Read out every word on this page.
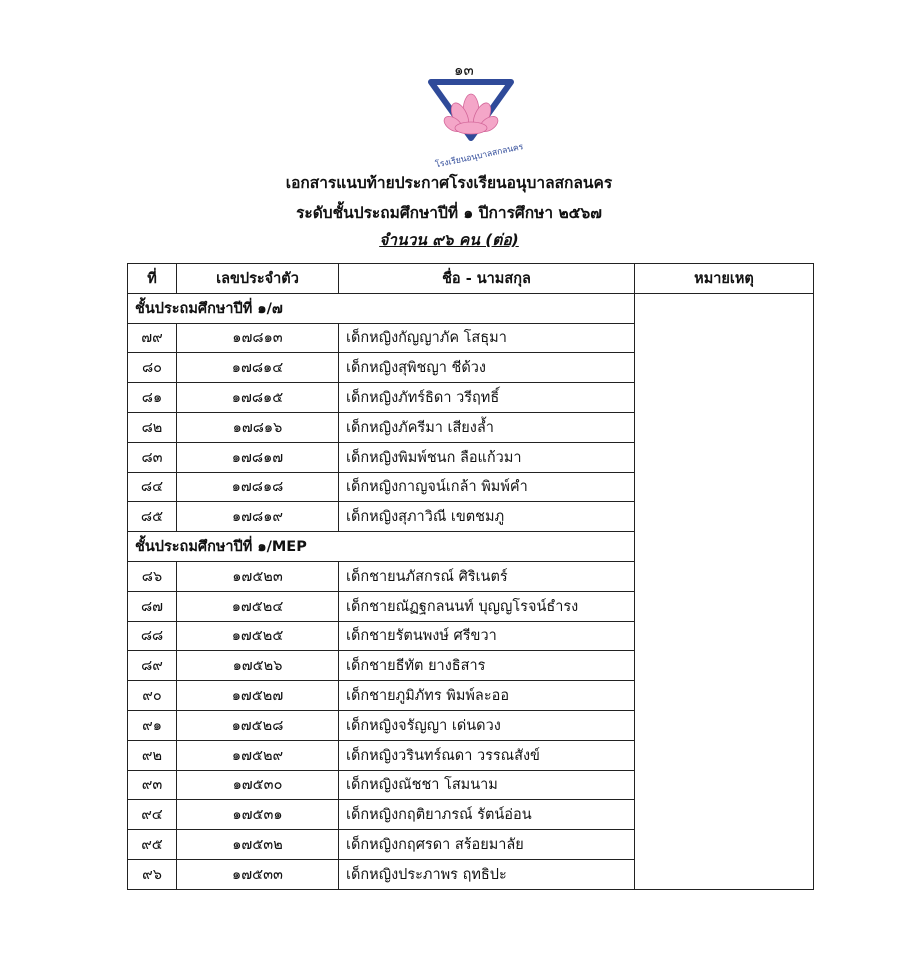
๑๓
โรงเรียนอนุบาลสกลนคร
เอกสารแนบท้ายประกาศโรงเรียนอนุบาลสกลนคร
ระดับชั้นประถมศึกษาปีที่ ๑ ปีการศึกษา ๒๕๖๗
จำนวน ๙๖ คน (ต่อ)
ที่	เลขประจำตัว	ชื่อ - นามสกุล	หมายเหตุ
ชั้นประถมศึกษาปีที่ ๑/๗			
๗๙	๑๗๘๑๓	เด็กหญิงกัญญาภัค โสธุมา	
๘๐	๑๗๘๑๔	เด็กหญิงสุพิชญา ชีด้วง	
๘๑	๑๗๘๑๕	เด็กหญิงภัทร์ธิดา วรีฤทธิ์	
๘๒	๑๗๘๑๖	เด็กหญิงภัครีมา เสียงล้ำ	
๘๓	๑๗๘๑๗	เด็กหญิงพิมพ์ชนก ลือแก้วมา	
๘๔	๑๗๘๑๘	เด็กหญิงกาญจน์เกล้า พิมพ์คำ	
๘๕	๑๗๘๑๙	เด็กหญิงสุภาวิณี เขตชมภู	
ชั้นประถมศึกษาปีที่ ๑/MEP			
๘๖	๑๗๕๒๓	เด็กชายนภัสกรณ์ ศิริเนตร์	
๘๗	๑๗๕๒๔	เด็กชายณัฏฐกลนนท์ บุญญโรจน์ธำรง	
๘๘	๑๗๕๒๕	เด็กชายรัตนพงษ์ ศรีขวา	
๘๙	๑๗๕๒๖	เด็กชายธีทัต ยางธิสาร	
๙๐	๑๗๕๒๗	เด็กชายภูมิภัทร พิมพ์ละออ	
๙๑	๑๗๕๒๘	เด็กหญิงจรัญญา เด่นดวง	
๙๒	๑๗๕๒๙	เด็กหญิงวรินทร์ณดา วรรณสังข์	
๙๓	๑๗๕๓๐	เด็กหญิงณัชชา โสมนาม	
๙๔	๑๗๕๓๑	เด็กหญิงกฤติยาภรณ์ รัตน์อ่อน	
๙๕	๑๗๕๓๒	เด็กหญิงกฤศรดา สร้อยมาลัย	
๙๖	๑๗๕๓๓	เด็กหญิงประภาพร ฤทธิปะ	
